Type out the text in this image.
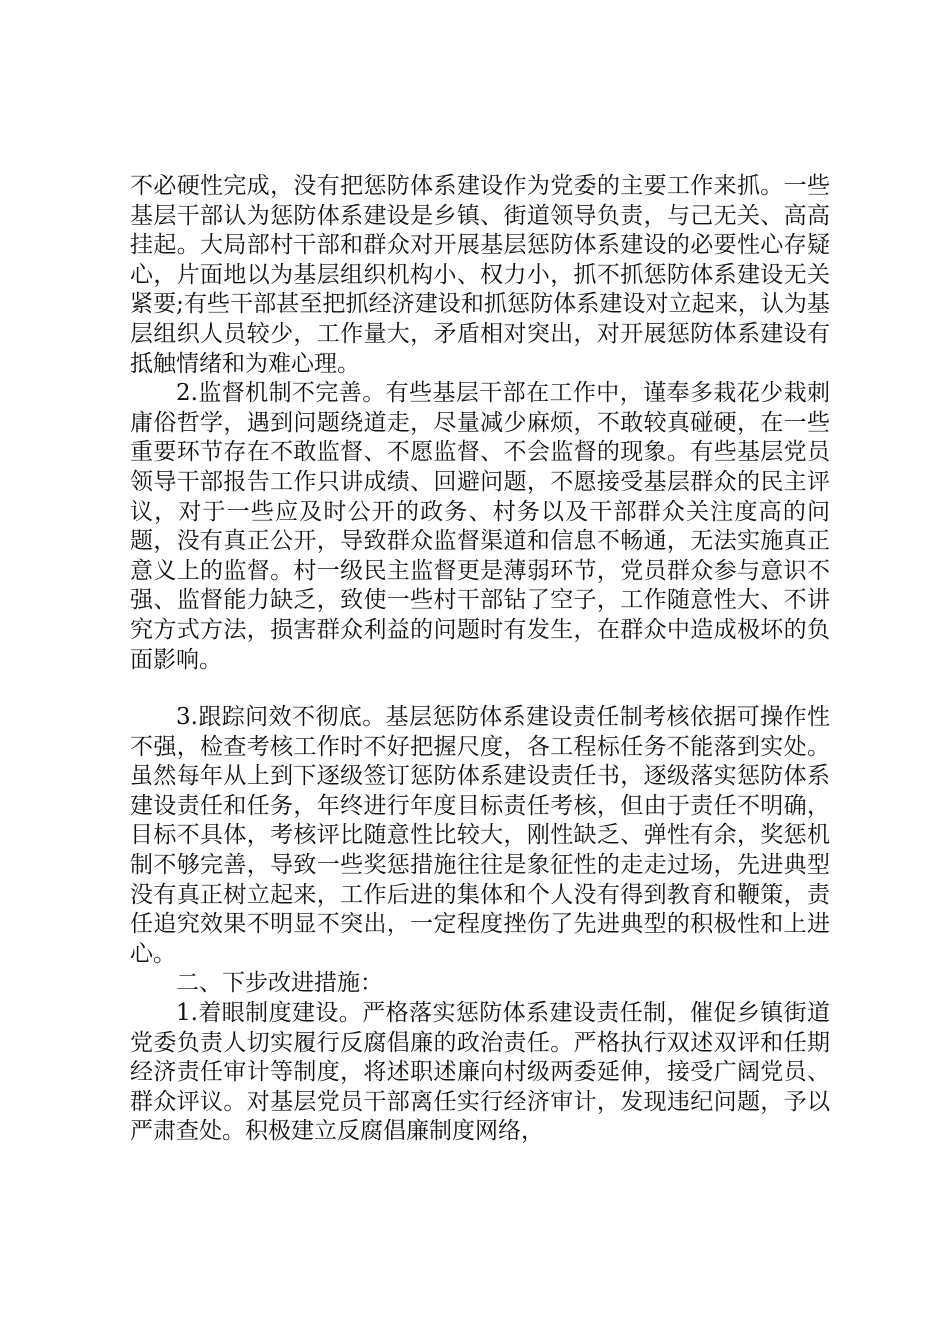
不必硬性完成，没有把惩防体系建设作为党委的主要工作来抓。一些基层干部认为惩防体系建设是乡镇、街道领导负责，与己无关、高高挂起。大局部村干部和群众对开展基层惩防体系建设的必要性心存疑心，片面地以为基层组织机构小、权力小，抓不抓惩防体系建设无关紧要;有些干部甚至把抓经济建设和抓惩防体系建设对立起来，认为基层组织人员较少，工作量大，矛盾相对突出，对开展惩防体系建设有抵触情绪和为难心理。

2.监督机制不完善。有些基层干部在工作中，谨奉多栽花少栽刺庸俗哲学，遇到问题绕道走，尽量减少麻烦，不敢较真碰硬，在一些重要环节存在不敢监督、不愿监督、不会监督的现象。有些基层党员领导干部报告工作只讲成绩、回避问题，不愿接受基层群众的民主评议，对于一些应及时公开的政务、村务以及干部群众关注度高的问题，没有真正公开，导致群众监督渠道和信息不畅通，无法实施真正意义上的监督。村一级民主监督更是薄弱环节，党员群众参与意识不强、监督能力缺乏，致使一些村干部钻了空子，工作随意性大、不讲究方式方法，损害群众利益的问题时有发生，在群众中造成极坏的负面影响。

3.跟踪问效不彻底。基层惩防体系建设责任制考核依据可操作性不强，检查考核工作时不好把握尺度，各工程标任务不能落到实处。虽然每年从上到下逐级签订惩防体系建设责任书，逐级落实惩防体系建设责任和任务，年终进行年度目标责任考核，但由于责任不明确，目标不具体，考核评比随意性比较大，刚性缺乏、弹性有余，奖惩机制不够完善，导致一些奖惩措施往往是象征性的走走过场，先进典型没有真正树立起来，工作后进的集体和个人没有得到教育和鞭策，责任追究效果不明显不突出，一定程度挫伤了先进典型的积极性和上进心。

二、下步改进措施：

1.着眼制度建设。严格落实惩防体系建设责任制，催促乡镇街道党委负责人切实履行反腐倡廉的政治责任。严格执行双述双评和任期经济责任审计等制度，将述职述廉向村级两委延伸，接受广阔党员、群众评议。对基层党员干部离任实行经济审计，发现违纪问题，予以严肃查处。积极建立反腐倡廉制度网络，
